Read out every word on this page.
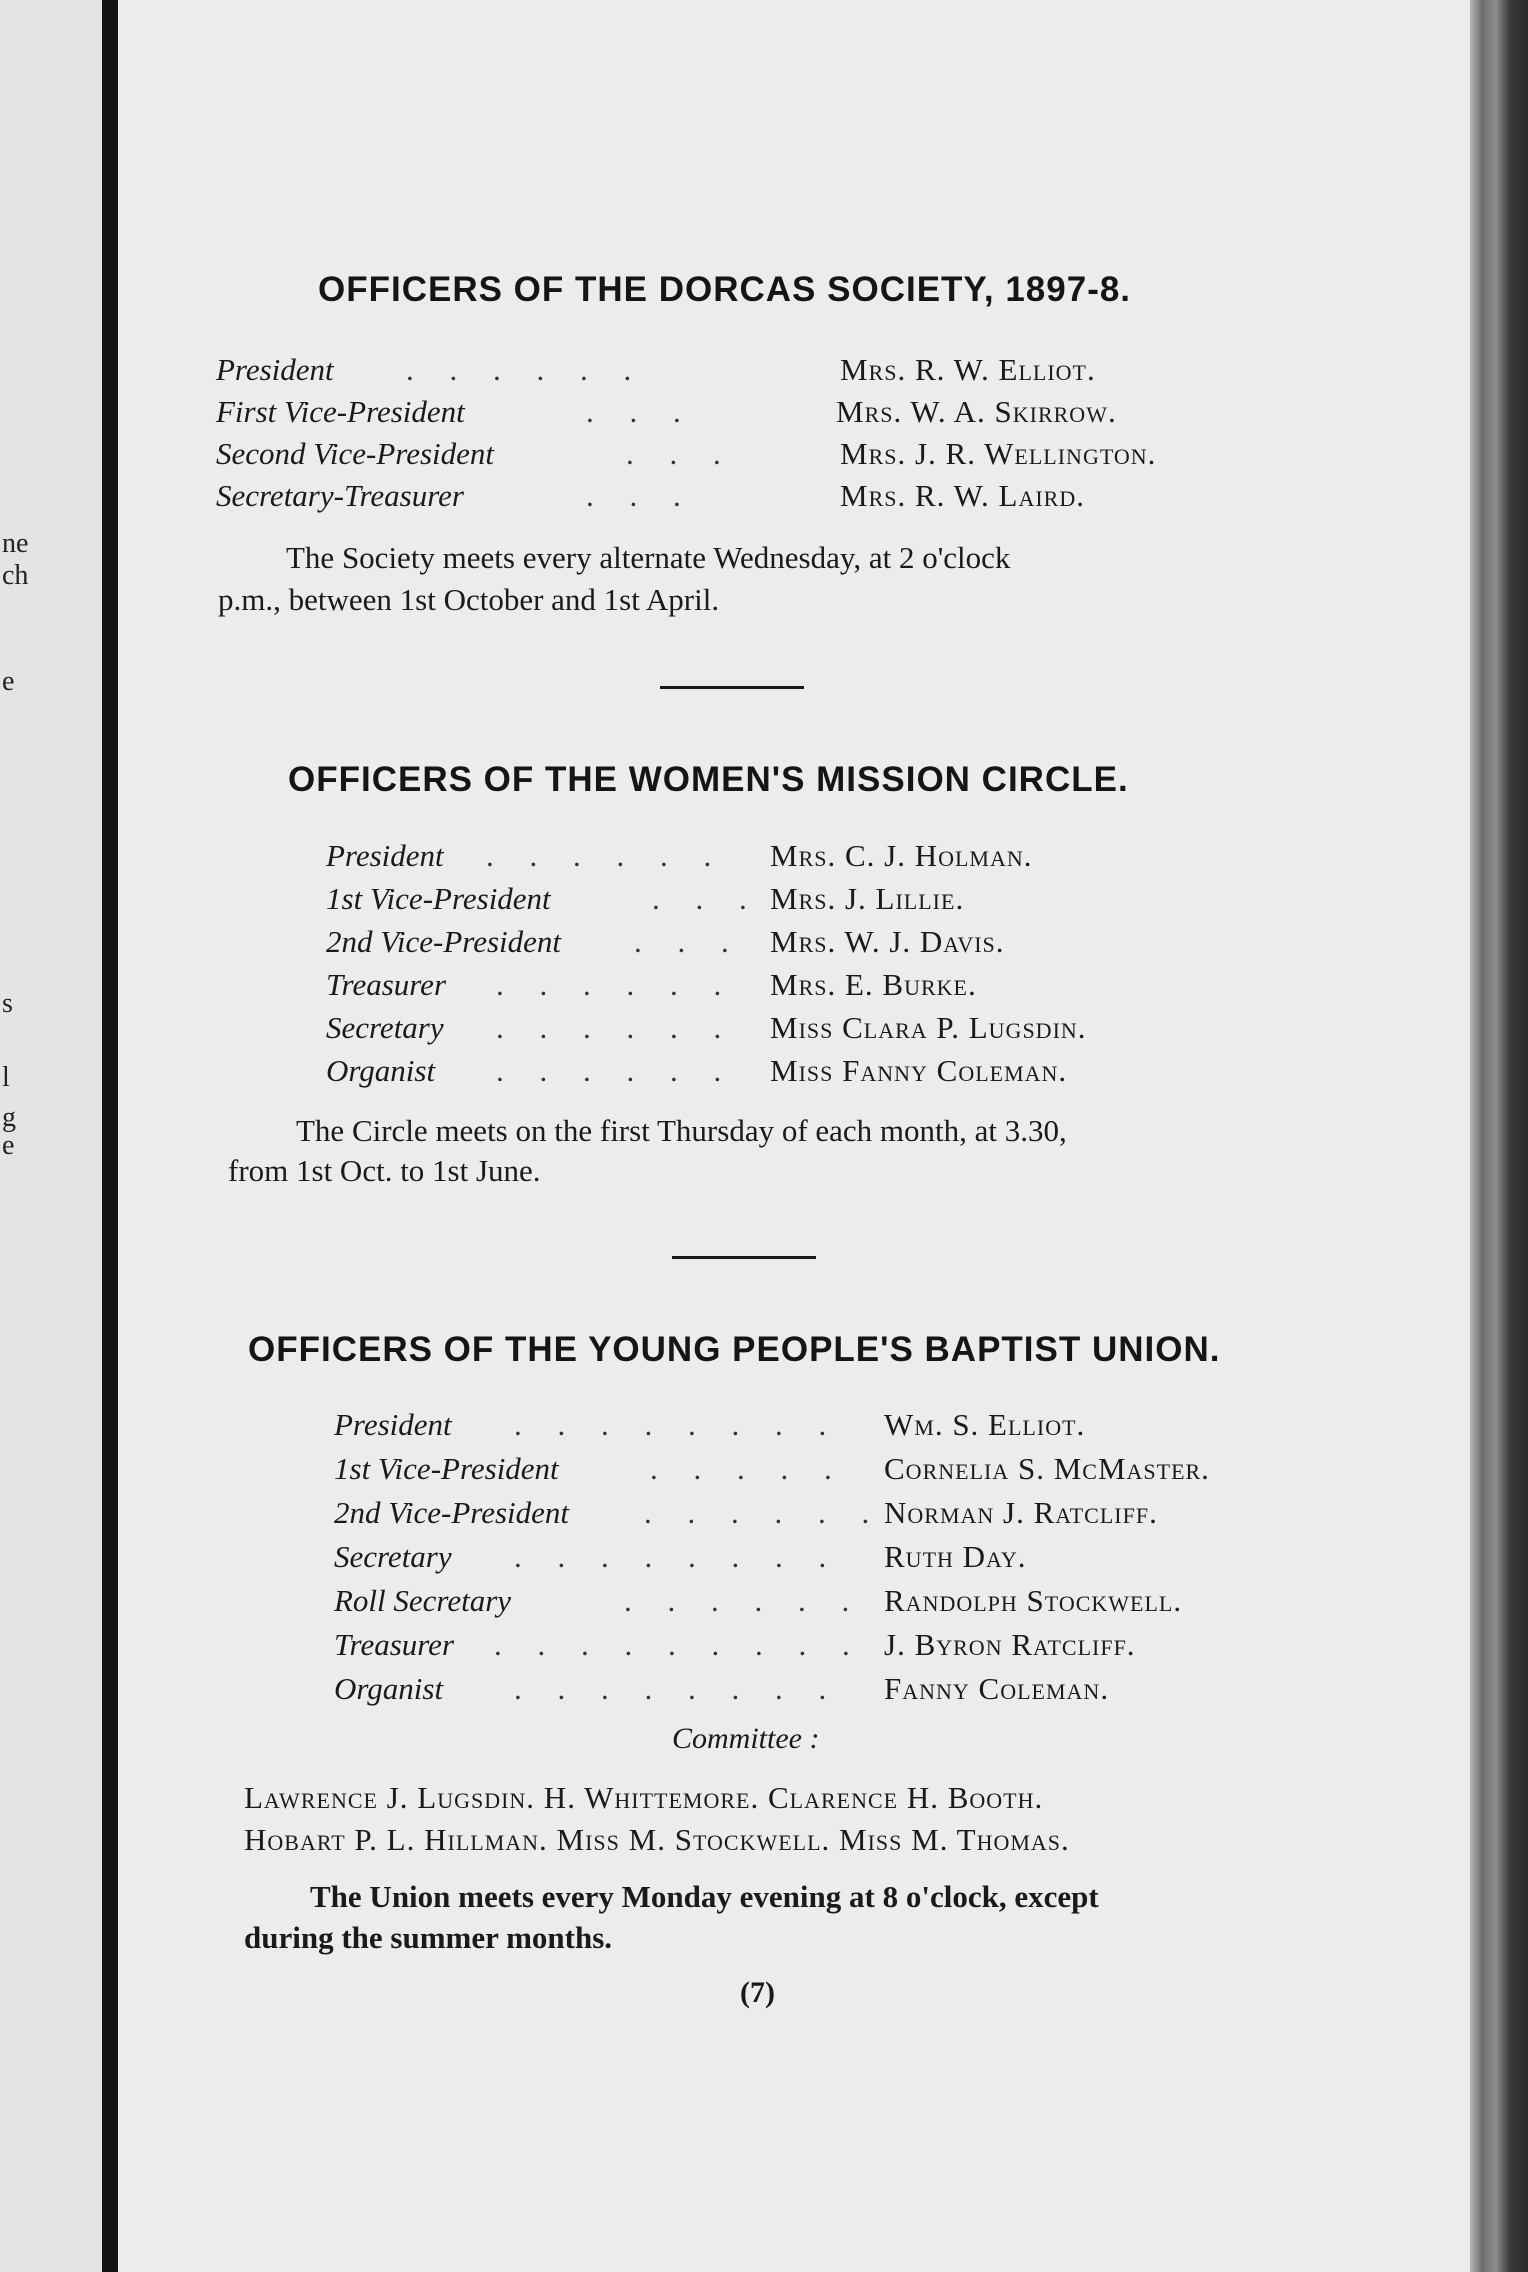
ne
ch
e
s
l
g
e
OFFICERS OF THE DORCAS SOCIETY, 1897-8.
President . . . . . .	Mrs. R. W. Elliot.
First Vice-President	. . .	Mrs. W. A. Skirrow.
Second Vice-President	. . .	Mrs. J. R. Wellington.
Secretary-Treasurer	. . .	Mrs. R. W. Laird.
The Society meets every alternate Wednesday, at 2 o'clock
p.m., between 1st October and 1st April.
OFFICERS OF THE WOMEN'S MISSION CIRCLE.
President . . . . . . Mrs. C. J. Holman.
1st Vice-President	. . . Mrs. J. Lillie.
2nd Vice-President . . . Mrs. W. J. Davis.
Treasurer . . . . . . Mrs. E. Burke.
Secretary . . . . . . Miss Clara P. Lugsdin.
Organist . . . . . . Miss Fanny Coleman.
The Circle meets on the first Thursday of each month, at 3.30,
from 1st Oct. to 1st June.
OFFICERS OF THE YOUNG PEOPLE'S BAPTIST UNION.
President . . . . . . . . Wm. S. Elliot.
1st Vice-President	. . . . . Cornelia S. McMaster.
2nd Vice-President . . . . . . Norman J. Ratcliff.
Secretary . . . . . . . . Ruth Day.
Roll Secretary	. . . . . . Randolph Stockwell.
Treasurer . . . . . . . . . J. Byron Ratcliff.
Organist . . . . . . . . Fanny Coleman.
Committee :
Lawrence J. Lugsdin. H. Whittemore. Clarence H. Booth.
Hobart P. L. Hillman. Miss M. Stockwell. Miss M. Thomas.
The Union meets every Monday evening at 8 o'clock, except
during the summer months.
(7)
